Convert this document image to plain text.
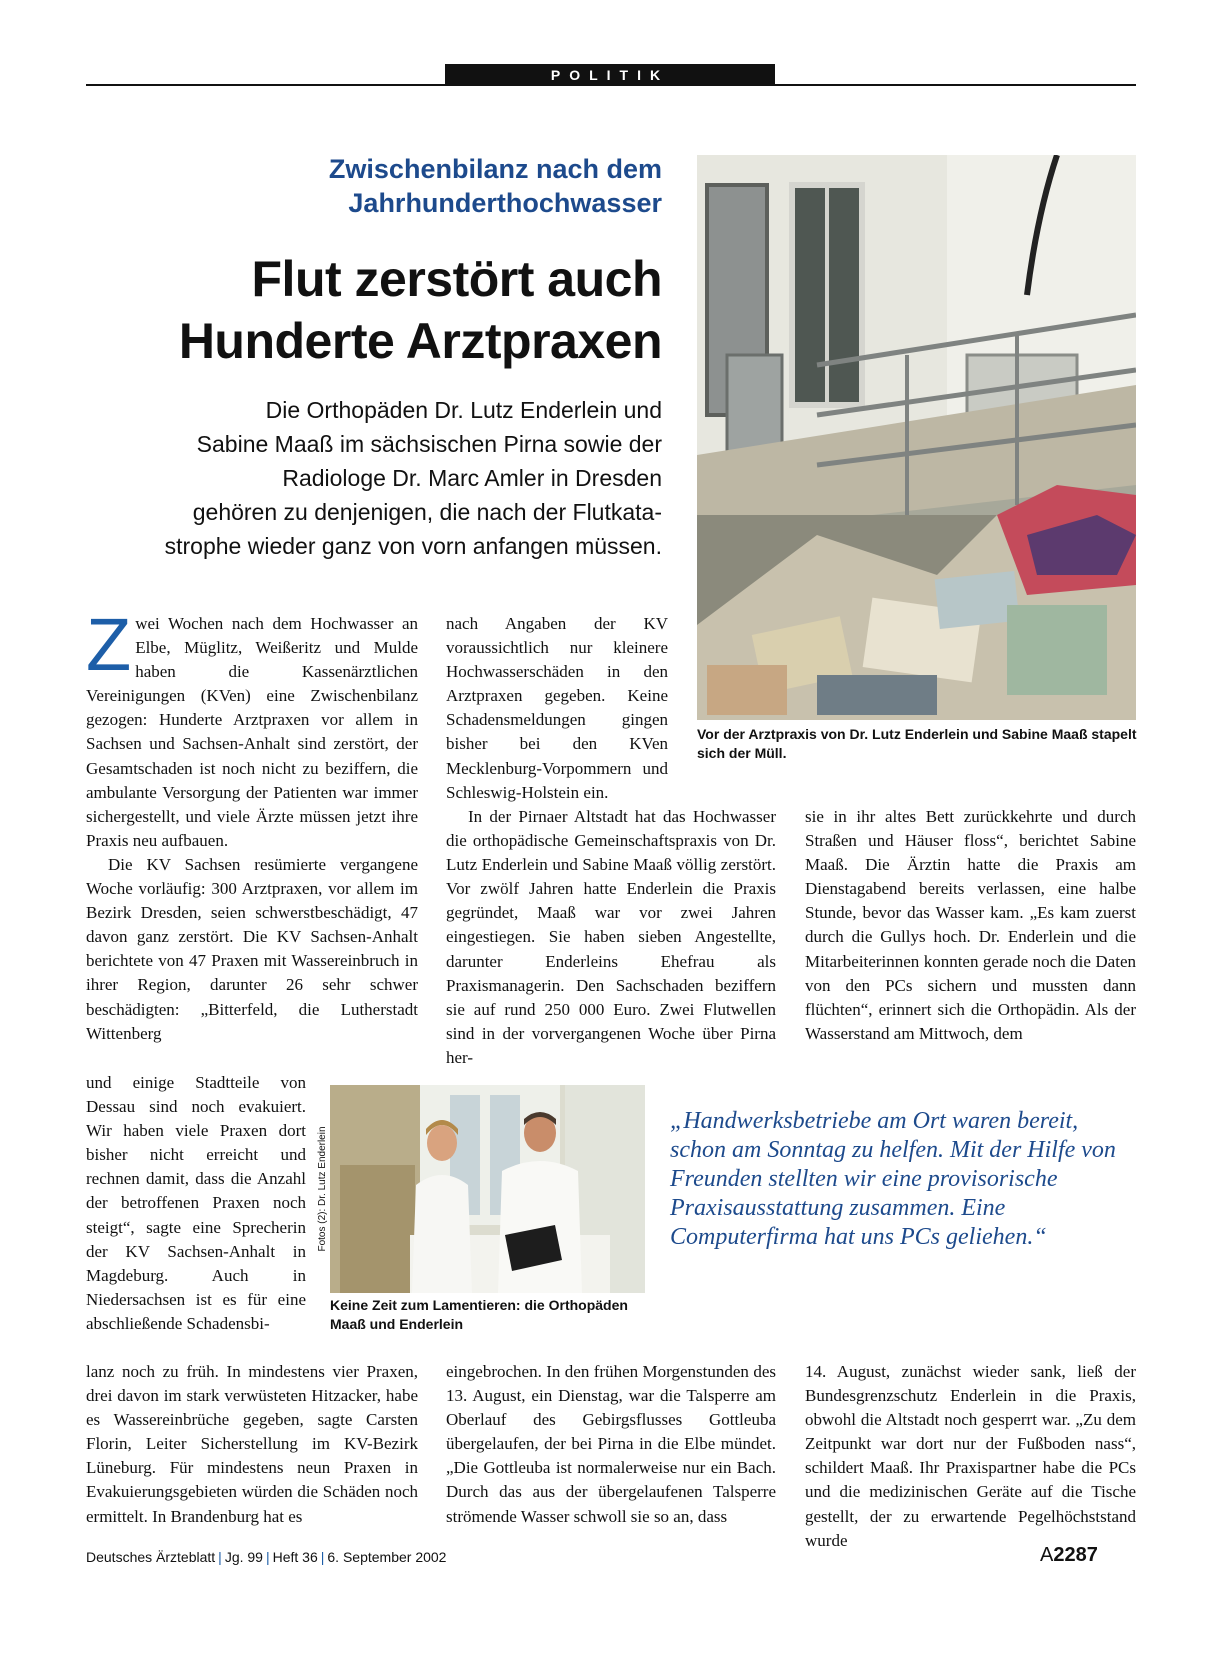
POLITIK
Zwischenbilanz nach dem
Jahrhunderthochwasser
Flut zerstört auch
Hunderte Arztpraxen
Die Orthopäden Dr. Lutz Enderlein und
Sabine Maaß im sächsischen Pirna sowie der
Radiologe Dr. Marc Amler in Dresden
gehören zu denjenigen, die nach der Flutkata-
strophe wieder ganz von vorn anfangen müssen.
Vor der Arztpraxis von Dr. Lutz Enderlein und Sabine Maaß stapelt sich der Müll.

Zwei Wochen nach dem Hochwasser an Elbe, Müglitz, Weißeritz und Mulde haben die Kassenärztlichen Vereinigungen (KVen) eine Zwischenbilanz gezogen: Hunderte Arztpraxen vor allem in Sachsen und Sachsen-Anhalt sind zerstört, der Gesamtschaden ist noch nicht zu beziffern, die ambulante Versorgung der Patienten war immer sichergestellt, und viele Ärzte müssen jetzt ihre Praxis neu aufbauen.

Die KV Sachsen resümierte vergangene Woche vorläufig: 300 Arztpraxen, vor allem im Bezirk Dresden, seien schwerstbeschädigt, 47 davon ganz zerstört. Die KV Sachsen-Anhalt berichtete von 47 Praxen mit Wassereinbruch in ihrer Region, darunter 26 sehr schwer beschädigten: „Bitterfeld, die Lutherstadt Wittenberg

und einige Stadtteile von Dessau sind noch evakuiert. Wir haben viele Praxen dort bisher nicht erreicht und rechnen damit, dass die Anzahl der betroffenen Praxen noch steigt“, sagte eine Sprecherin der KV Sachsen-Anhalt in Magdeburg. Auch in Niedersachsen ist es für eine abschließende Schadensbi-
lanz noch zu früh. In mindestens vier Praxen, drei davon im stark verwüsteten Hitzacker, habe es Wassereinbrüche gegeben, sagte Carsten Florin, Leiter Sicherstellung im KV-Bezirk Lüneburg. Für mindestens neun Praxen in Evakuierungsgebieten würden die Schäden noch ermittelt. In Brandenburg hat es
nach Angaben der KV voraussichtlich nur kleinere Hochwasserschäden in den Arztpraxen gegeben. Keine Schadensmeldungen gingen bisher bei den KVen Mecklenburg-Vorpommern und Schleswig-Holstein ein.
In der Pirnaer Altstadt hat das Hochwasser die orthopädische Gemeinschaftspraxis von Dr. Lutz Enderlein und Sabine Maaß völlig zerstört. Vor zwölf Jahren hatte Enderlein die Praxis gegründet, Maaß war vor zwei Jahren eingestiegen. Sie haben sieben Angestellte, darunter Enderleins Ehefrau als Praxismanagerin. Den Sachschaden beziffern sie auf rund 250 000 Euro. Zwei Flutwellen sind in der vorvergangenen Woche über Pirna her-
eingebrochen. In den frühen Morgenstunden des 13. August, ein Dienstag, war die Talsperre am Oberlauf des Gebirgsflusses Gottleuba übergelaufen, der bei Pirna in die Elbe mündet. „Die Gottleuba ist normalerweise nur ein Bach. Durch das aus der übergelaufenen Talsperre strömende Wasser schwoll sie so an, dass
sie in ihr altes Bett zurückkehrte und durch Straßen und Häuser floss“, berichtet Sabine Maaß. Die Ärztin hatte die Praxis am Dienstagabend bereits verlassen, eine halbe Stunde, bevor das Wasser kam. „Es kam zuerst durch die Gullys hoch. Dr. Enderlein und die Mitarbeiterinnen konnten gerade noch die Daten von den PCs sichern und mussten dann flüchten“, erinnert sich die Orthopädin. Als der Wasserstand am Mittwoch, dem
14. August, zunächst wieder sank, ließ der Bundesgrenzschutz Enderlein in die Praxis, obwohl die Altstadt noch gesperrt war. „Zu dem Zeitpunkt war dort nur der Fußboden nass“, schildert Maaß. Ihr Praxispartner habe die PCs und die medizinischen Geräte auf die Tische gestellt, der zu erwartende Pegelhöchststand wurde
Fotos (2): Dr. Lutz Enderlein
Keine Zeit zum Lamentieren: die Orthopäden Maaß und Enderlein
„Handwerksbetriebe am Ort waren bereit, schon am Sonntag zu helfen. Mit der Hilfe von Freunden stellten wir eine provisorische Praxisausstattung zusammen. Eine Computerfirma hat uns PCs geliehen.“
Deutsches Ärzteblatt | Jg. 99 | Heft 36 | 6. September 2002	A2287
